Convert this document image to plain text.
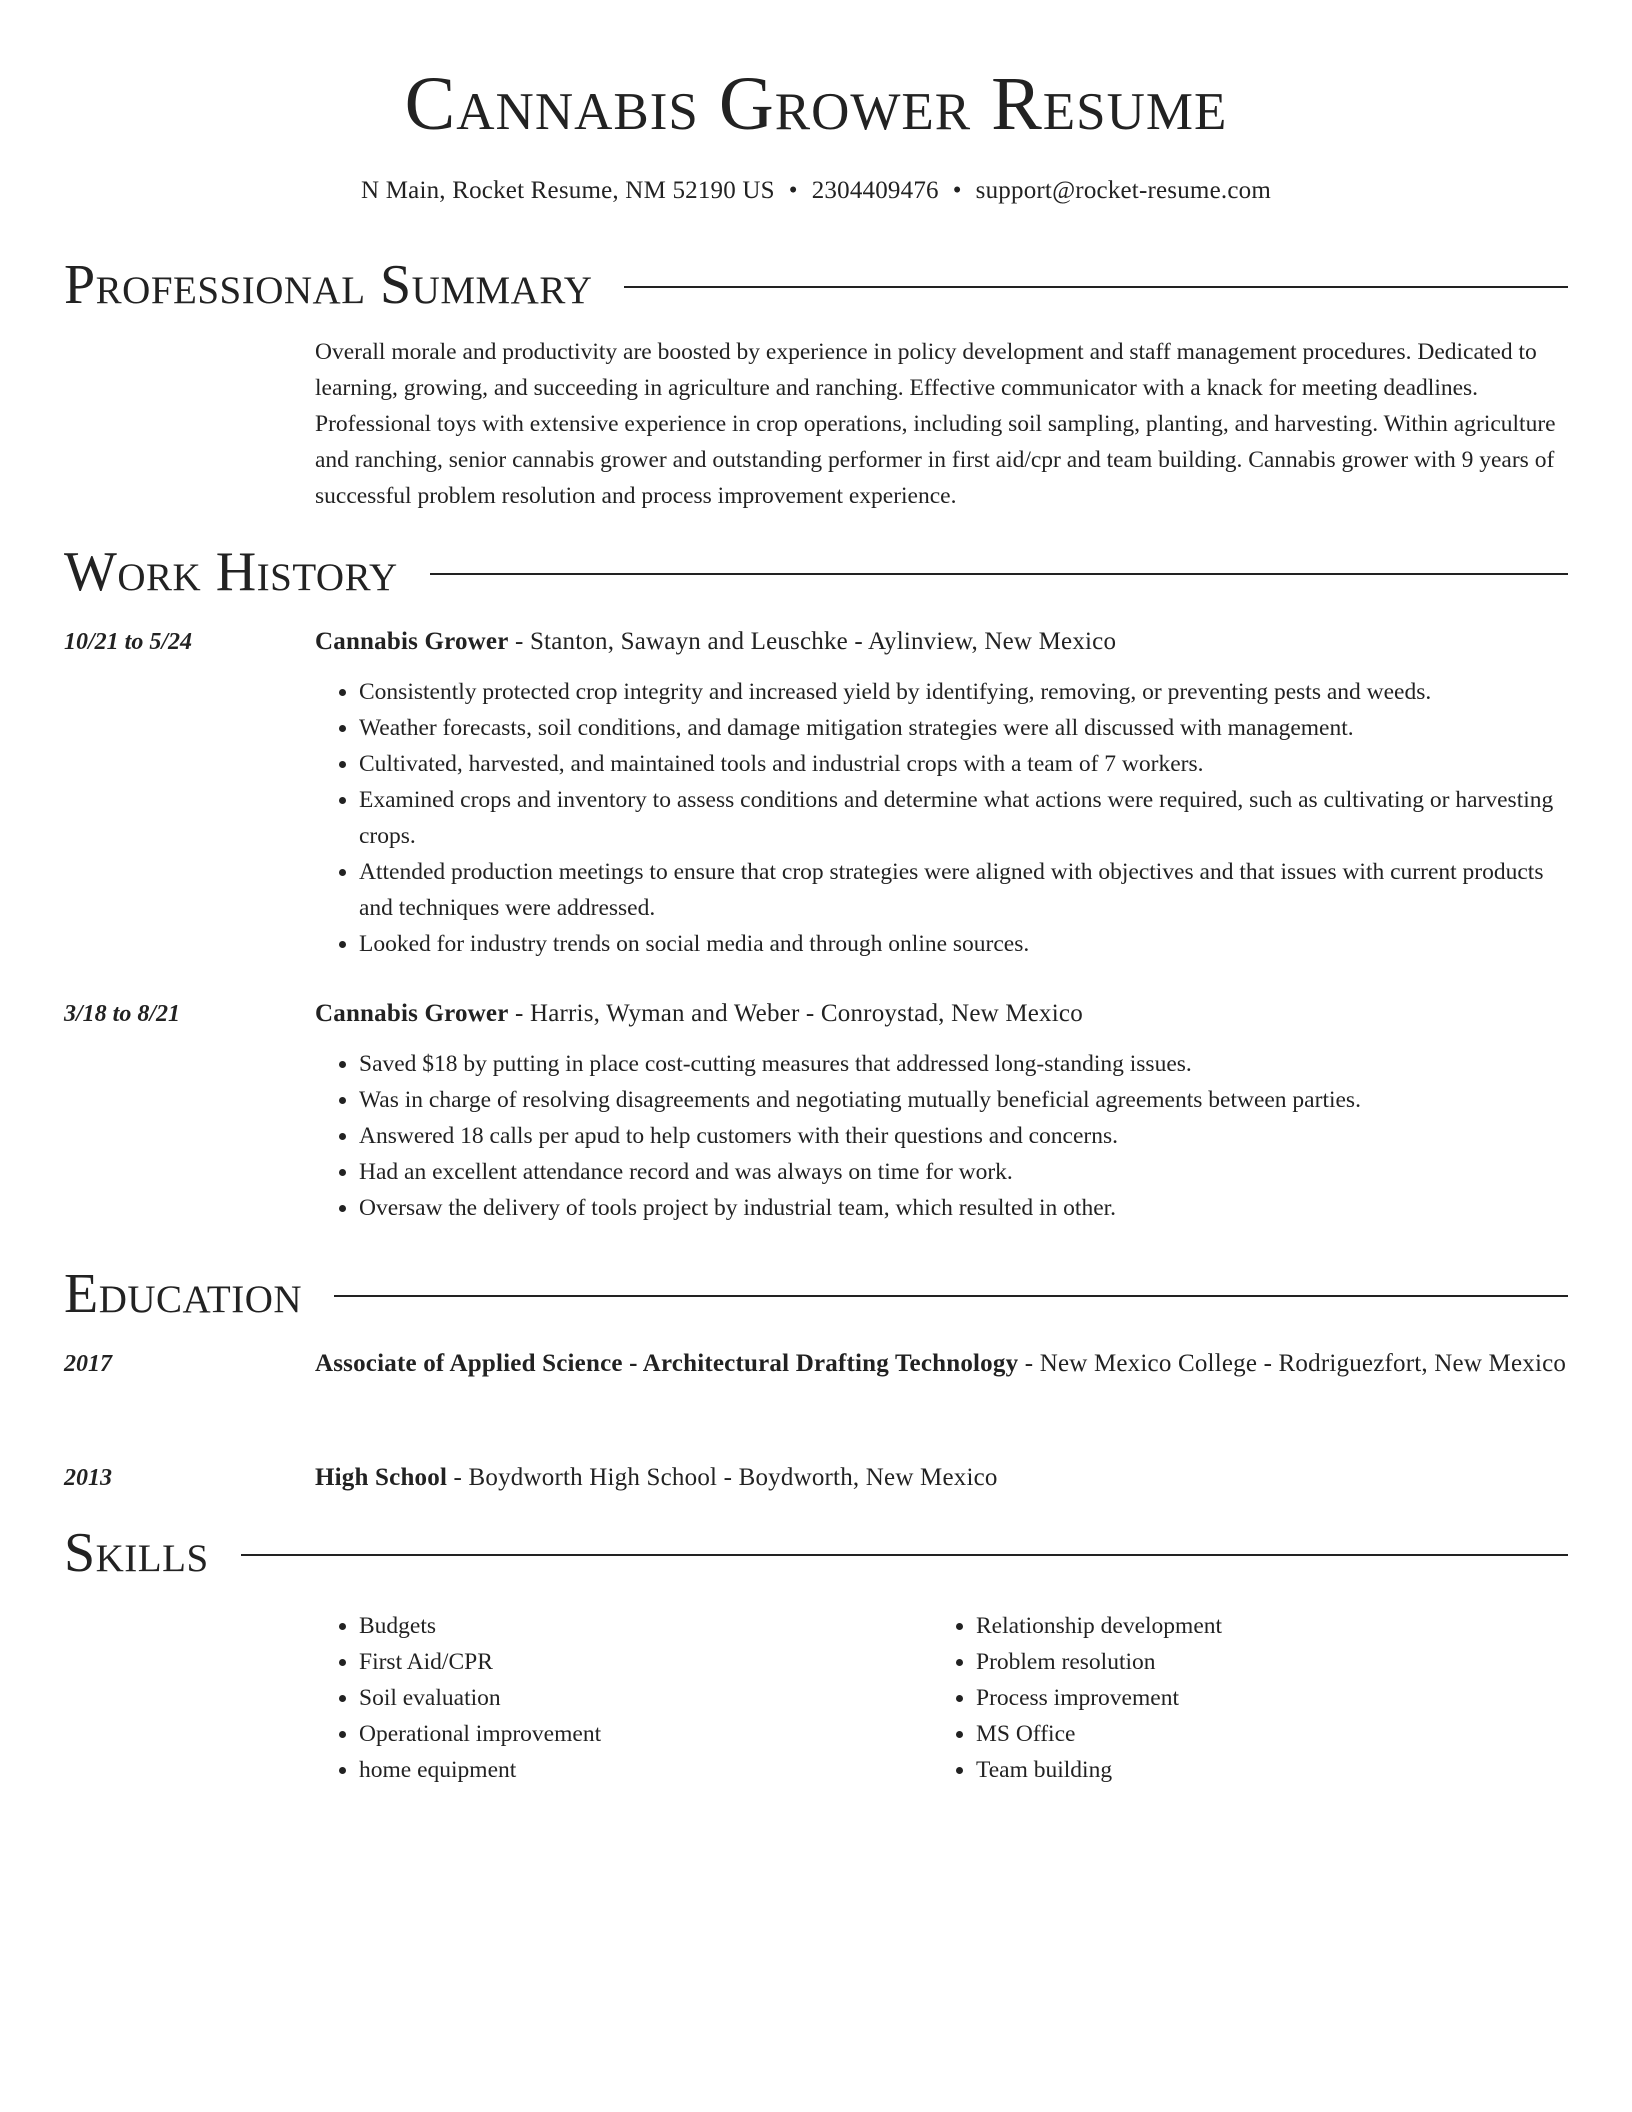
Cannabis Grower Resume
N Main, Rocket Resume, NM 52190 US • 2304409476 • support@rocket-resume.com
Professional Summary
Overall morale and productivity are boosted by experience in policy development and staff management procedures. Dedicated to learning, growing, and succeeding in agriculture and ranching. Effective communicator with a knack for meeting deadlines. Professional toys with extensive experience in crop operations, including soil sampling, planting, and harvesting. Within agriculture and ranching, senior cannabis grower and outstanding performer in first aid/cpr and team building. Cannabis grower with 9 years of successful problem resolution and process improvement experience.
Work History
10/21 to 5/24	Cannabis Grower - Stanton, Sawayn and Leuschke - Aylinview, New Mexico
• Consistently protected crop integrity and increased yield by identifying, removing, or preventing pests and weeds.
• Weather forecasts, soil conditions, and damage mitigation strategies were all discussed with management.
• Cultivated, harvested, and maintained tools and industrial crops with a team of 7 workers.
• Examined crops and inventory to assess conditions and determine what actions were required, such as cultivating or harvesting crops.
• Attended production meetings to ensure that crop strategies were aligned with objectives and that issues with current products and techniques were addressed.
• Looked for industry trends on social media and through online sources.
3/18 to 8/21	Cannabis Grower - Harris, Wyman and Weber - Conroystad, New Mexico
• Saved $18 by putting in place cost-cutting measures that addressed long-standing issues.
• Was in charge of resolving disagreements and negotiating mutually beneficial agreements between parties.
• Answered 18 calls per apud to help customers with their questions and concerns.
• Had an excellent attendance record and was always on time for work.
• Oversaw the delivery of tools project by industrial team, which resulted in other.
Education
2017	Associate of Applied Science - Architectural Drafting Technology - New Mexico College - Rodriguezfort, New Mexico
2013	High School - Boydworth High School - Boydworth, New Mexico
Skills
• Budgets
• First Aid/CPR
• Soil evaluation
• Operational improvement
• home equipment
• Relationship development
• Problem resolution
• Process improvement
• MS Office
• Team building
